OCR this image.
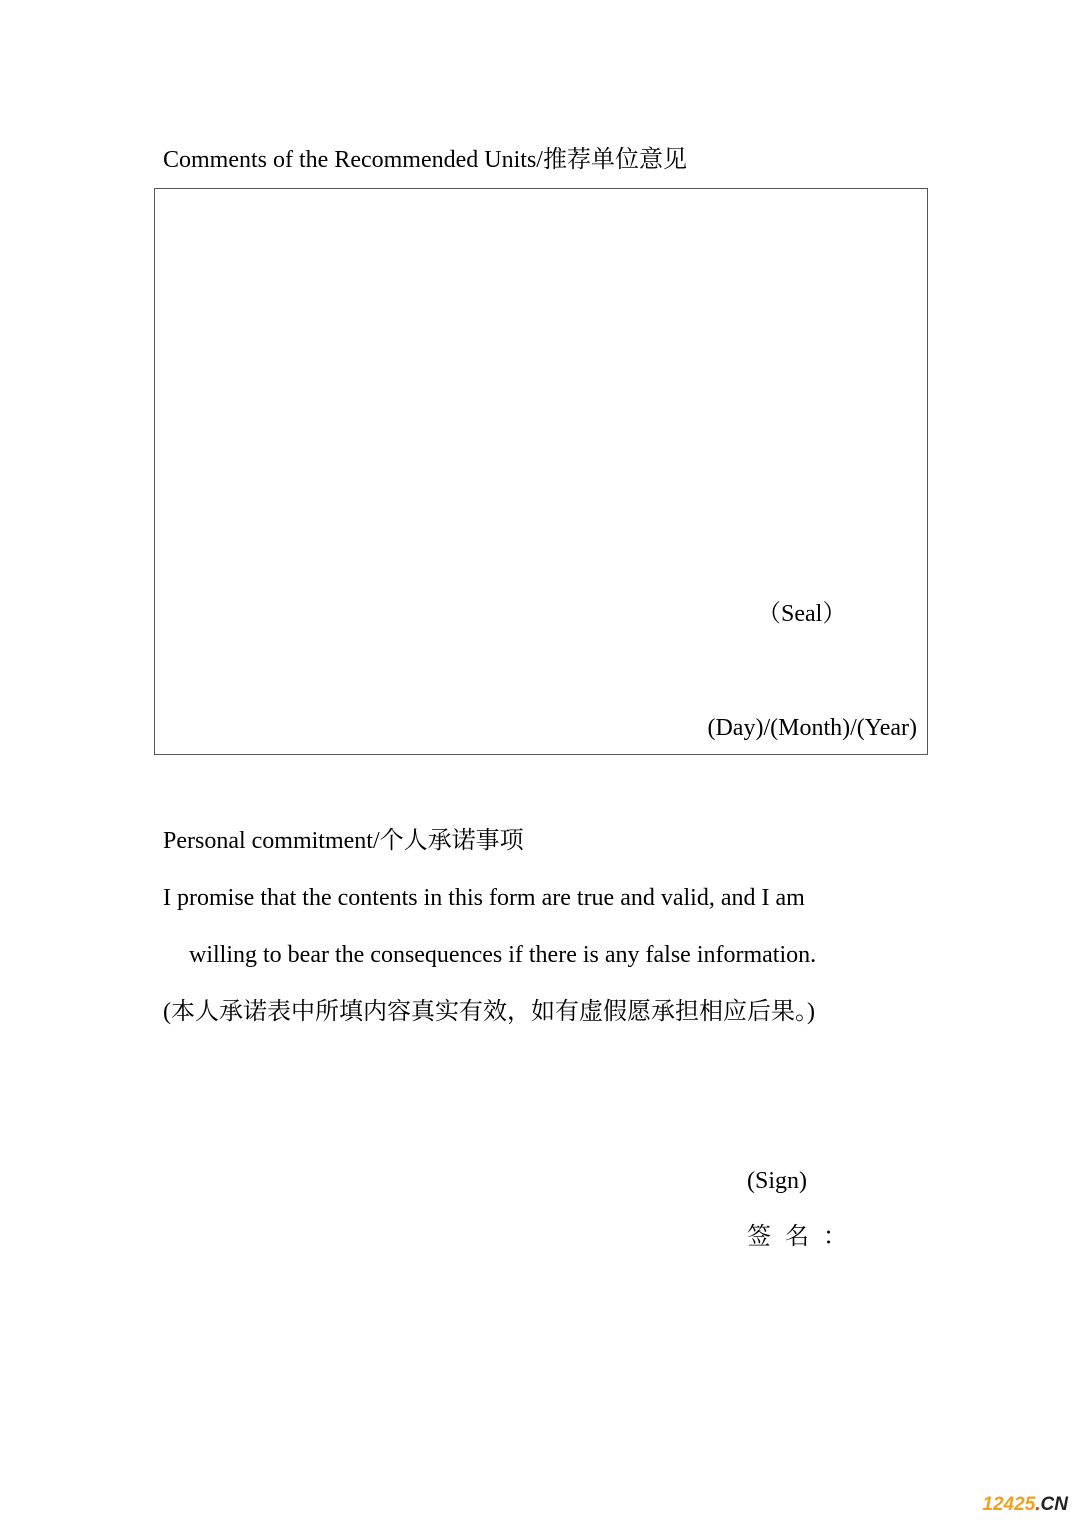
Comments of the Recommended Units/推荐单位意见
（Seal）
(Day)/(Month)/(Year)
Personal commitment/个人承诺事项
I promise that the contents in this form are true and valid, and I am
willing to bear the consequences if there is any false information.
(本人承诺表中所填内容真实有效，如有虚假愿承担相应后果。)
(Sign)
签名：
12425.CN
